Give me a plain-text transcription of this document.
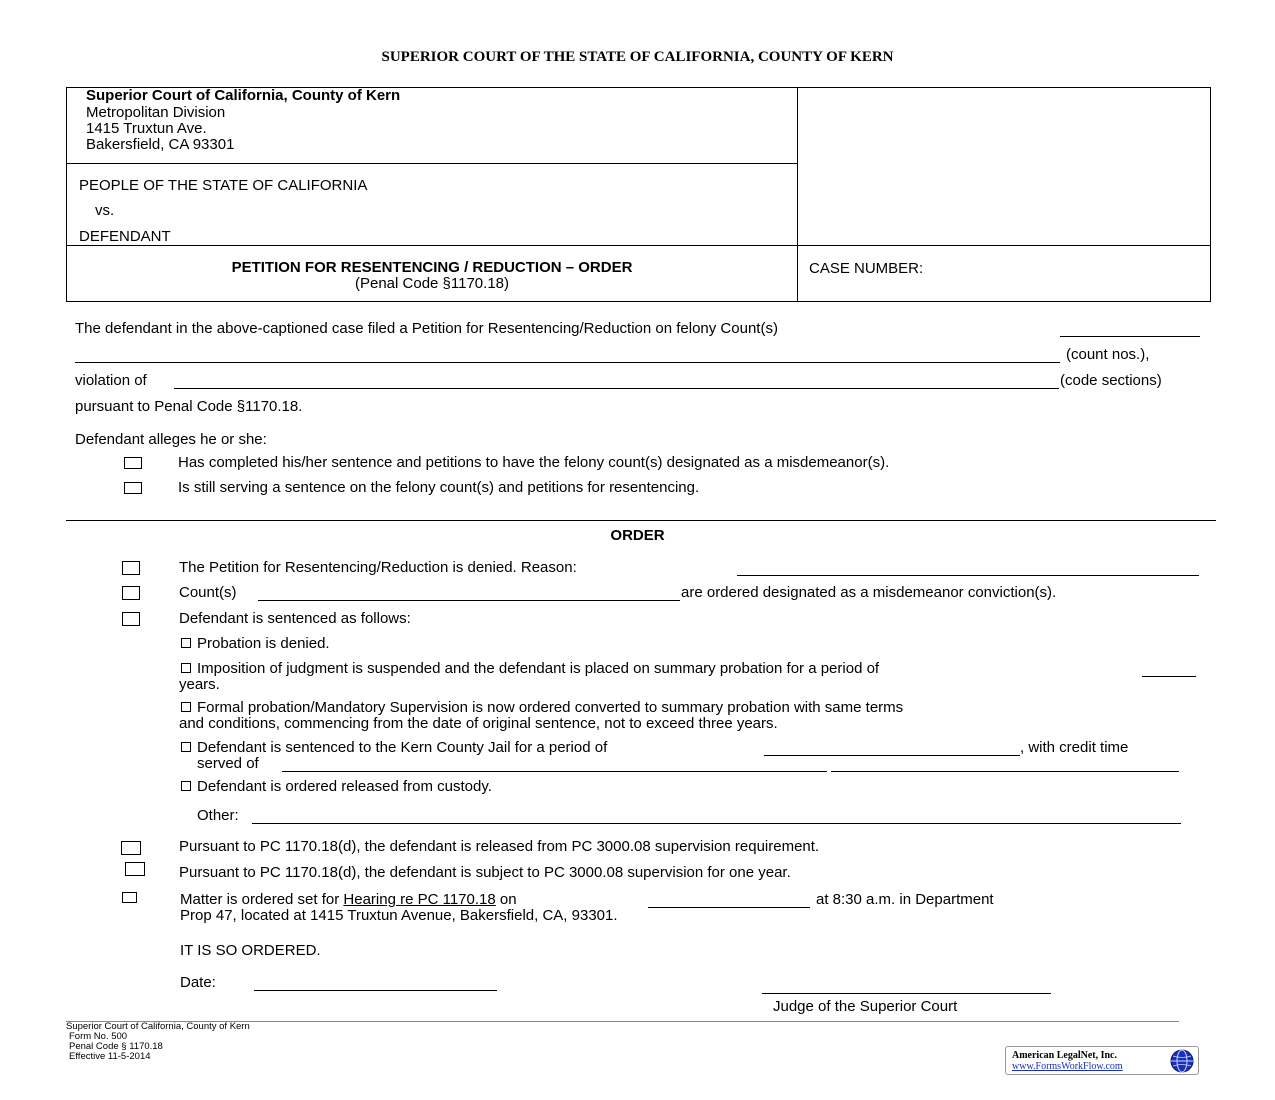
SUPERIOR COURT OF THE STATE OF CALIFORNIA, COUNTY OF KERN
Superior Court of California, County of Kern
Metropolitan Division
1415 Truxtun Ave.
Bakersfield, CA 93301
PEOPLE OF THE STATE OF CALIFORNIA
vs.
DEFENDANT
PETITION FOR RESENTENCING / REDUCTION – ORDER
(Penal Code §1170.18)
CASE NUMBER:
The defendant in the above-captioned case filed a Petition for Resentencing/Reduction on felony Count(s)
(count nos.),
violation of	(code sections)
pursuant to Penal Code §1170.18.
Defendant alleges he or she:
Has completed his/her sentence and petitions to have the felony count(s) designated as a misdemeanor(s).
Is still serving a sentence on the felony count(s) and petitions for resentencing.
ORDER
The Petition for Resentencing/Reduction is denied. Reason:
Count(s)	are ordered designated as a misdemeanor conviction(s).
Defendant is sentenced as follows:
Probation is denied.
Imposition of judgment is suspended and the defendant is placed on summary probation for a period of
years.
Formal probation/Mandatory Supervision is now ordered converted to summary probation with same terms
and conditions, commencing from the date of original sentence, not to exceed three years.
Defendant is sentenced to the Kern County Jail for a period of	, with credit time
served of
Defendant is ordered released from custody.
Other:
Pursuant to PC 1170.18(d), the defendant is released from PC 3000.08 supervision requirement.
Pursuant to PC 1170.18(d), the defendant is subject to PC 3000.08 supervision for one year.
Matter is ordered set for Hearing re PC 1170.18 on	at 8:30 a.m. in Department
Prop 47, located at 1415 Truxtun Avenue, Bakersfield, CA, 93301.
IT IS SO ORDERED.
Date:
Judge of the Superior Court
Superior Court of California, County of Kern
Form No. 500
Penal Code § 1170.18
Effective 11-5-2014	American LegalNet, Inc.
www.FormsWorkFlow.com
